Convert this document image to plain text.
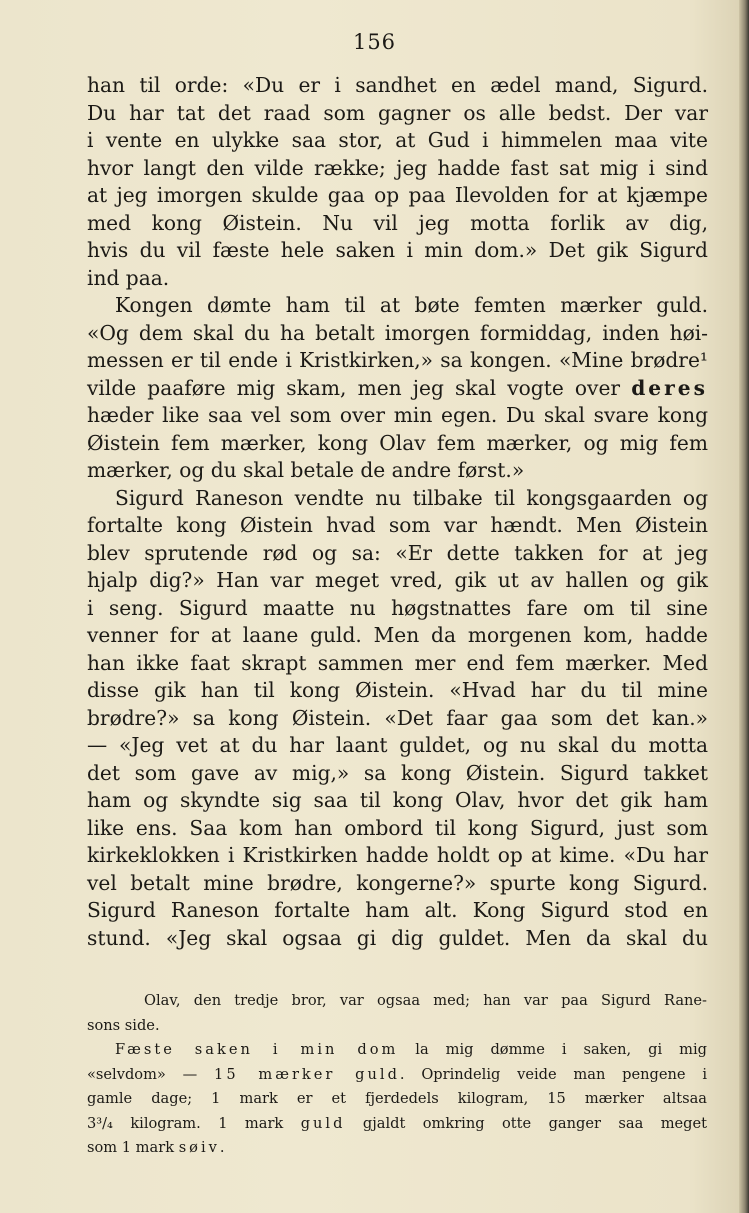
156
han til orde: «Du er i sandhet en ædel mand, Sigurd.
Du har tat det raad som gagner os alle bedst. Der var
i vente en ulykke saa stor, at Gud i himmelen maa vite
hvor langt den vilde række; jeg hadde fast sat mig i sind
at jeg imorgen skulde gaa op paa Ilevolden for at kjæmpe
med kong Øistein. Nu vil jeg motta forlik av dig,
hvis du vil fæste hele saken i min dom.» Det gik Sigurd
ind paa.
Kongen dømte ham til at bøte femten mærker guld.
«Og dem skal du ha betalt imorgen formiddag, inden høi-
messen er til ende i Kristkirken,» sa kongen. «Mine brødre¹
vilde paaføre mig skam, men jeg skal vogte over deres
hæder like saa vel som over min egen. Du skal svare kong
Øistein fem mærker, kong Olav fem mærker, og mig fem
mærker, og du skal betale de andre først.»
Sigurd Raneson vendte nu tilbake til kongsgaarden og
fortalte kong Øistein hvad som var hændt. Men Øistein
blev sprutende rød og sa: «Er dette takken for at jeg
hjalp dig?» Han var meget vred, gik ut av hallen og gik
i seng. Sigurd maatte nu høgstnattes fare om til sine
venner for at laane guld. Men da morgenen kom, hadde
han ikke faat skrapt sammen mer end fem mærker. Med
disse gik han til kong Øistein. «Hvad har du til mine
brødre?» sa kong Øistein. «Det faar gaa som det kan.»
— «Jeg vet at du har laant guldet, og nu skal du motta
det som gave av mig,» sa kong Øistein. Sigurd takket
ham og skyndte sig saa til kong Olav, hvor det gik ham
like ens. Saa kom han ombord til kong Sigurd, just som
kirkeklokken i Kristkirken hadde holdt op at kime. «Du har
vel betalt mine brødre, kongerne?» spurte kong Sigurd.
Sigurd Raneson fortalte ham alt. Kong Sigurd stod en
stund. «Jeg skal ogsaa gi dig guldet. Men da skal du
Olav, den tredje bror, var ogsaa med; han var paa Sigurd Rane-
sons side.
Fæste saken i min dom la mig dømme i saken, gi mig
«selvdom» — 15 mærker guld. Oprindelig veide man pengene i
gamle dage; 1 mark er et fjerdedels kilogram, 15 mærker altsaa
3³/₄ kilogram. 1 mark guld gjaldt omkring otte ganger saa meget
som 1 mark søiv.
